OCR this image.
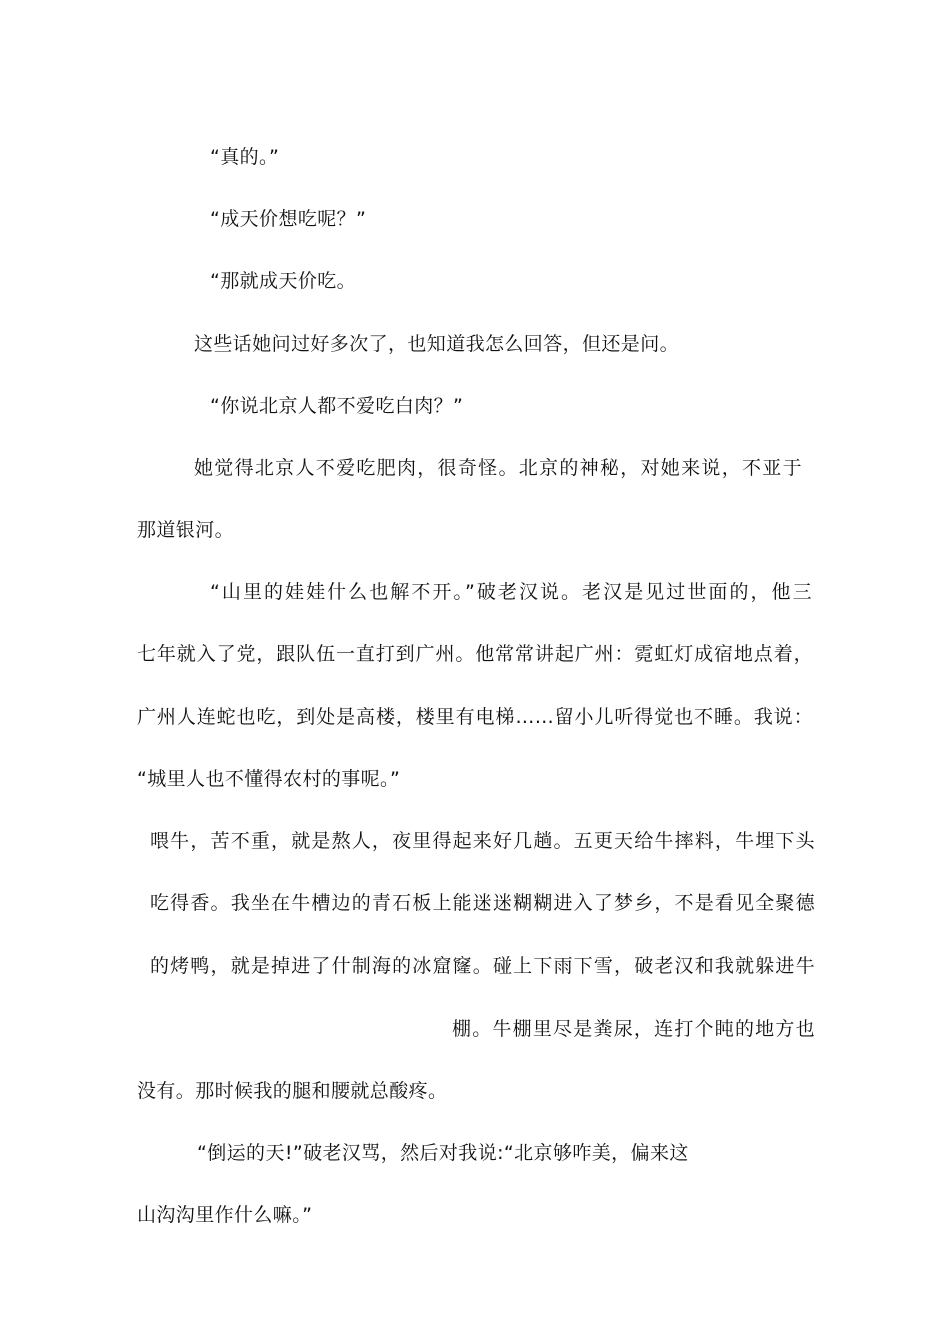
“真的。”
“成天价想吃呢？”
“那就成天价吃。
这些话她问过好多次了，也知道我怎么回答，但还是问。
“你说北京人都不爱吃白肉？”
她觉得北京人不爱吃肥肉，很奇怪。北京的神秘，对她来说，不亚于
那道银河。
“山里的娃娃什么也解不开。”破老汉说。老汉是见过世面的，他三
七年就入了党，跟队伍一直打到广州。他常常讲起广州：霓虹灯成宿地点着，
广州人连蛇也吃，到处是高楼，楼里有电梯……留小儿听得觉也不睡。我说：
“城里人也不懂得农村的事呢。”
喂牛，苦不重，就是熬人，夜里得起来好几趟。五更天给牛摔料，牛埋下头
吃得香。我坐在牛槽边的青石板上能迷迷糊糊进入了梦乡，不是看见全聚德
的烤鸭，就是掉进了什制海的冰窟窿。碰上下雨下雪，破老汉和我就躲进牛
棚。牛棚里尽是粪尿，连打个盹的地方也
没有。那时候我的腿和腰就总酸疼。
“倒运的天!”破老汉骂，然后对我说:“北京够咋美，偏来这
山沟沟里作什么嘛。”
